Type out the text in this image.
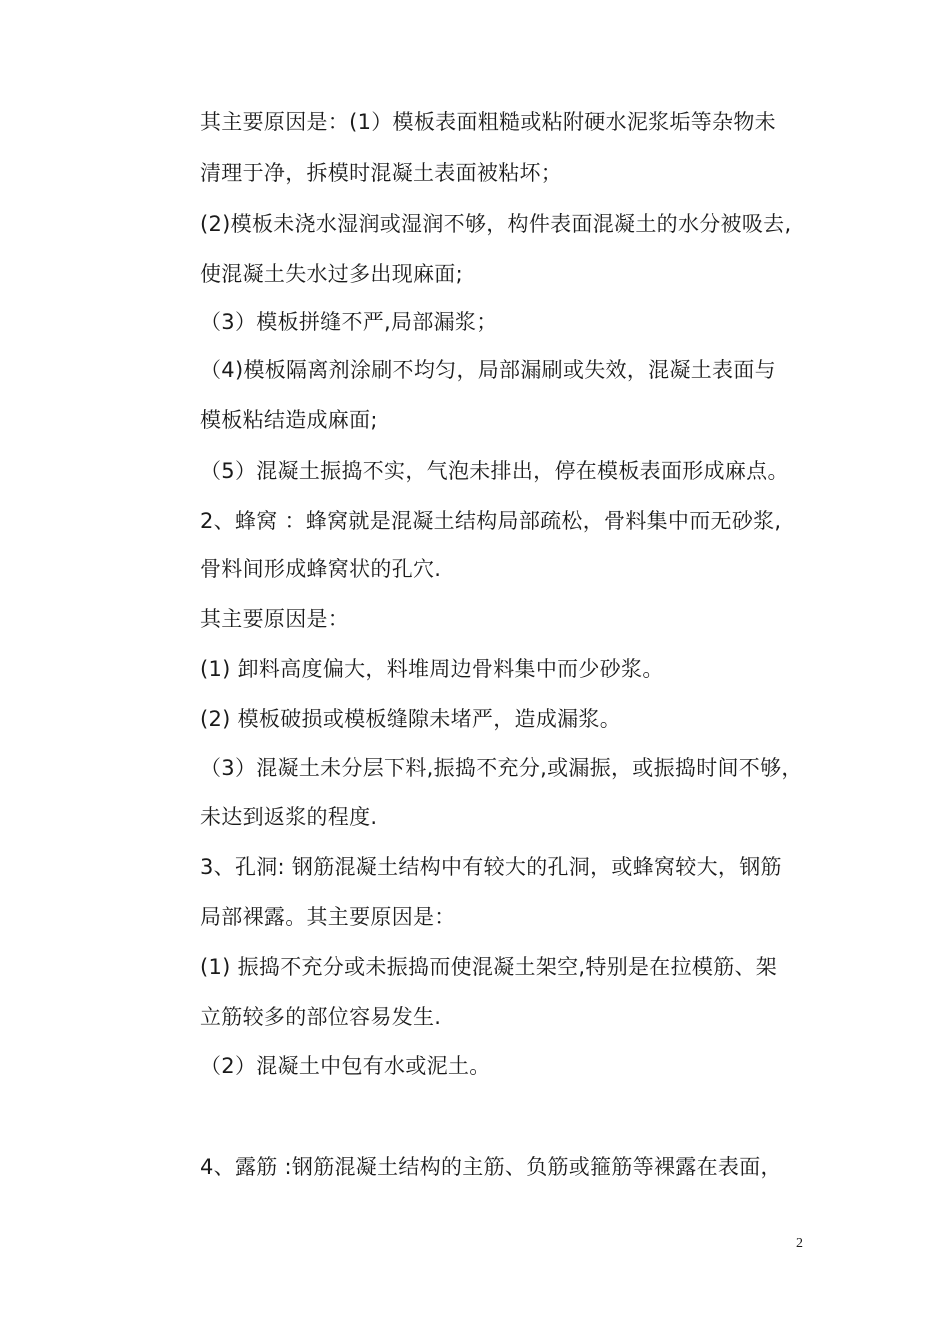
其主要原因是：(1）模板表面粗糙或粘附硬水泥浆垢等杂物未
清理于净，拆模时混凝土表面被粘坏；
(2)模板未浇水湿润或湿润不够，构件表面混凝土的水分被吸去,
使混凝土失水过多出现麻面;
（3）模板拼缝不严,局部漏浆；
（4)模板隔离剂涂刷不均匀，局部漏刷或失效，混凝土表面与
模板粘结造成麻面;
（5）混凝土振捣不实，气泡未排出，停在模板表面形成麻点。
2、蜂窝 ：蜂窝就是混凝土结构局部疏松，骨料集中而无砂浆,
骨料间形成蜂窝状的孔穴.
其主要原因是：
(1) 卸料高度偏大，料堆周边骨料集中而少砂浆。
(2) 模板破损或模板缝隙未堵严，造成漏浆。
（3）混凝土未分层下料,振捣不充分,或漏振，或振捣时间不够，
未达到返浆的程度.
3、孔洞: 钢筋混凝土结构中有较大的孔洞，或蜂窝较大，钢筋
局部裸露。其主要原因是：
(1) 振捣不充分或未振捣而使混凝土架空,特别是在拉模筋、架
立筋较多的部位容易发生.
（2）混凝土中包有水或泥土。
4、露筋 :钢筋混凝土结构的主筋、负筋或箍筋等裸露在表面，
2
